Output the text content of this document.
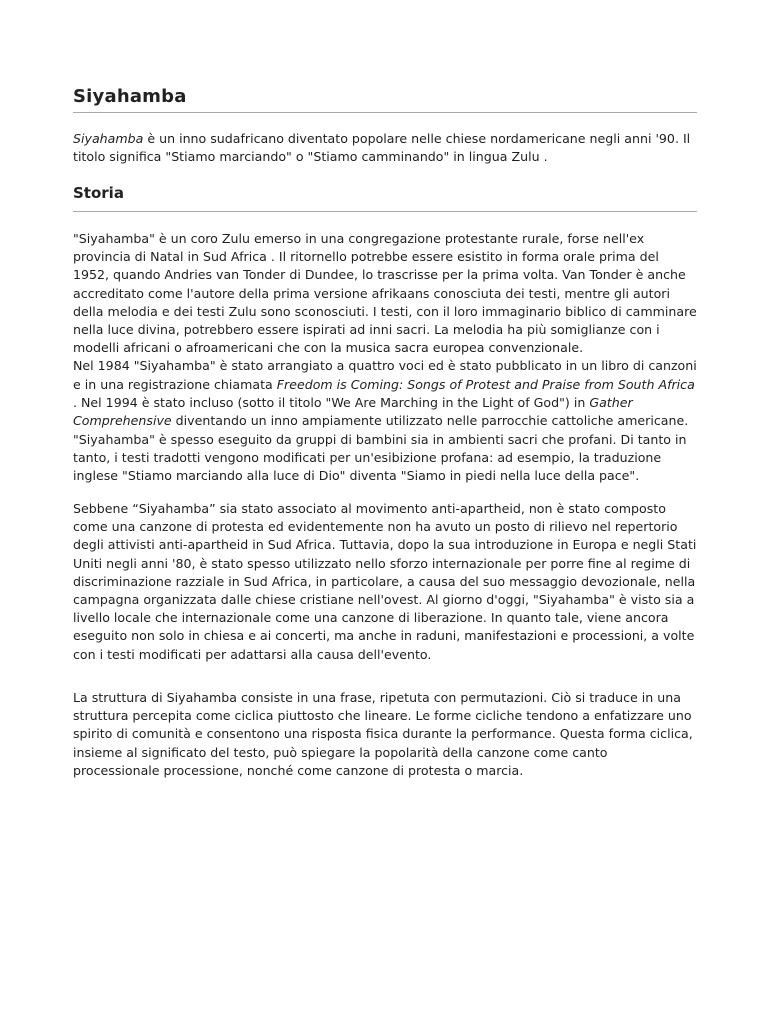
Siyahamba

Siyahamba è un inno sudafricano diventato popolare nelle chiese nordamericane negli anni '90. Il titolo significa "Stiamo marciando" o "Stiamo camminando" in lingua Zulu .

Storia

"Siyahamba" è un coro Zulu emerso in una congregazione protestante rurale, forse nell'ex provincia di Natal in Sud Africa . Il ritornello potrebbe essere esistito in forma orale prima del 1952, quando Andries van Tonder di Dundee, lo trascrisse per la prima volta. Van Tonder è anche accreditato come l'autore della prima versione afrikaans conosciuta dei testi, mentre gli autori della melodia e dei testi Zulu sono sconosciuti. I testi, con il loro immaginario biblico di camminare nella luce divina, potrebbero essere ispirati ad inni sacri. La melodia ha più somiglianze con i modelli africani o afroamericani che con la musica sacra europea convenzionale.
Nel 1984 "Siyahamba" è stato arrangiato a quattro voci ed è stato pubblicato in un libro di canzoni e in una registrazione chiamata Freedom is Coming: Songs of Protest and Praise from South Africa . Nel 1994 è stato incluso (sotto il titolo "We Are Marching in the Light of God") in Gather Comprehensive diventando un inno ampiamente utilizzato nelle parrocchie cattoliche americane.

"Siyahamba" è spesso eseguito da gruppi di bambini sia in ambienti sacri che profani. Di tanto in tanto, i testi tradotti vengono modificati per un'esibizione profana: ad esempio, la traduzione inglese "Stiamo marciando alla luce di Dio" diventa "Siamo in piedi nella luce della pace".

Sebbene “Siyahamba” sia stato associato al movimento anti-apartheid, non è stato composto come una canzone di protesta ed evidentemente non ha avuto un posto di rilievo nel repertorio degli attivisti anti-apartheid in Sud Africa. Tuttavia, dopo la sua introduzione in Europa e negli Stati Uniti negli anni '80, è stato spesso utilizzato nello sforzo internazionale per porre fine al regime di discriminazione razziale in Sud Africa, in particolare, a causa del suo messaggio devozionale, nella campagna organizzata dalle chiese cristiane nell'ovest. Al giorno d'oggi, "Siyahamba" è visto sia a livello locale che internazionale come una canzone di liberazione. In quanto tale, viene ancora eseguito non solo in chiesa e ai concerti, ma anche in raduni, manifestazioni e processioni, a volte con i testi modificati per adattarsi alla causa dell'evento.

La struttura di Siyahamba consiste in una frase, ripetuta con permutazioni. Ciò si traduce in una struttura percepita come ciclica piuttosto che lineare. Le forme cicliche tendono a enfatizzare uno spirito di comunità e consentono una risposta fisica durante la performance. Questa forma ciclica, insieme al significato del testo, può spiegare la popolarità della canzone come canto processionale processione, nonché come canzone di protesta o marcia.
